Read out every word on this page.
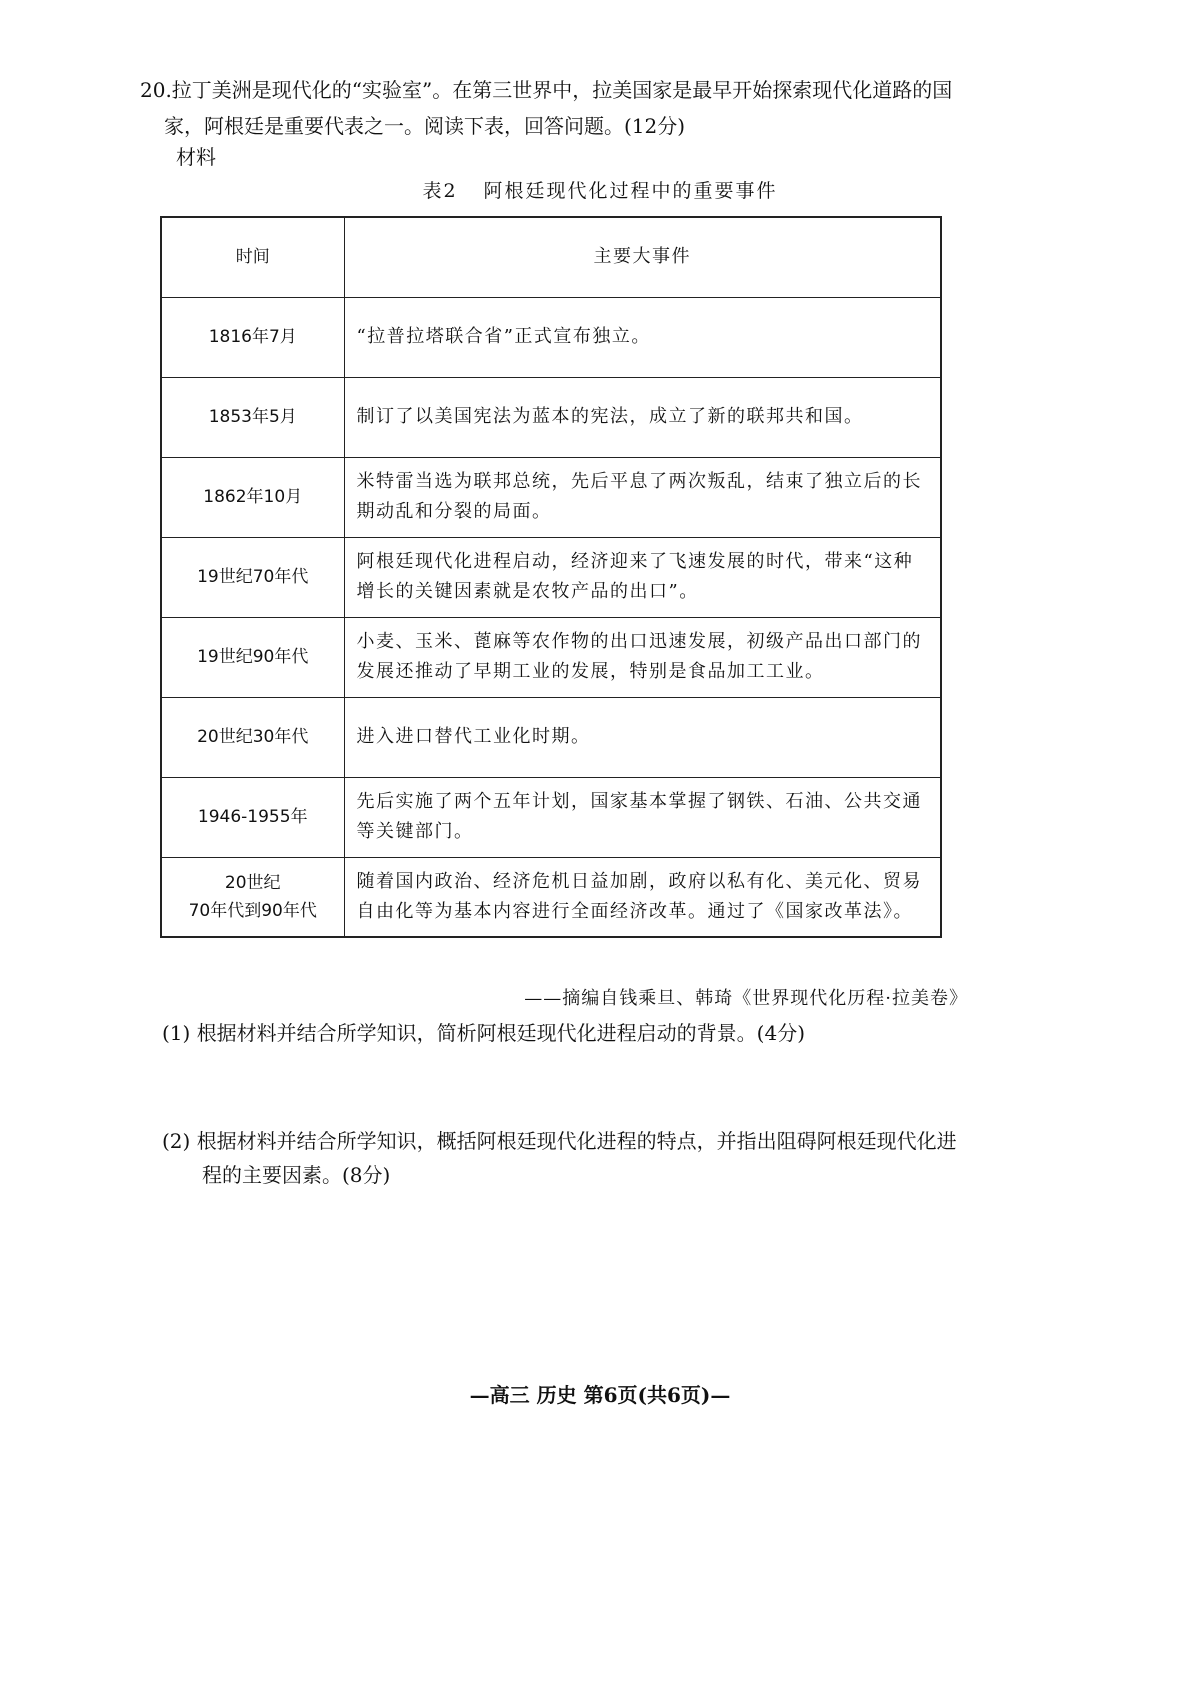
20.拉丁美洲是现代化的“实验室”。在第三世界中，拉美国家是最早开始探索现代化道路的国
家，阿根廷是重要代表之一。阅读下表，回答问题。(12分)
材料
表2 阿根廷现代化过程中的重要事件
时间	主要大事件
1816年7月	“拉普拉塔联合省”正式宣布独立。
1853年5月	制订了以美国宪法为蓝本的宪法，成立了新的联邦共和国。
1862年10月	米特雷当选为联邦总统，先后平息了两次叛乱，结束了独立后的长期动乱和分裂的局面。
19世纪70年代	阿根廷现代化进程启动，经济迎来了飞速发展的时代，带来“这种增长的关键因素就是农牧产品的出口”。
19世纪90年代	小麦、玉米、蓖麻等农作物的出口迅速发展，初级产品出口部门的发展还推动了早期工业的发展，特别是食品加工工业。
20世纪30年代	进入进口替代工业化时期。
1946-1955年	先后实施了两个五年计划，国家基本掌握了钢铁、石油、公共交通等关键部门。

20世纪
70年代到90年代	随着国内政治、经济危机日益加剧，政府以私有化、美元化、贸易自由化等为基本内容进行全面经济改革。通过了《国家改革法》。
——摘编自钱乘旦、韩琦《世界现代化历程·拉美卷》
(1) 根据材料并结合所学知识，简析阿根廷现代化进程启动的背景。(4分)
(2) 根据材料并结合所学知识，概括阿根廷现代化进程的特点，并指出阻碍阿根廷现代化进
程的主要因素。(8分)
—高三 历史 第6页(共6页)—
